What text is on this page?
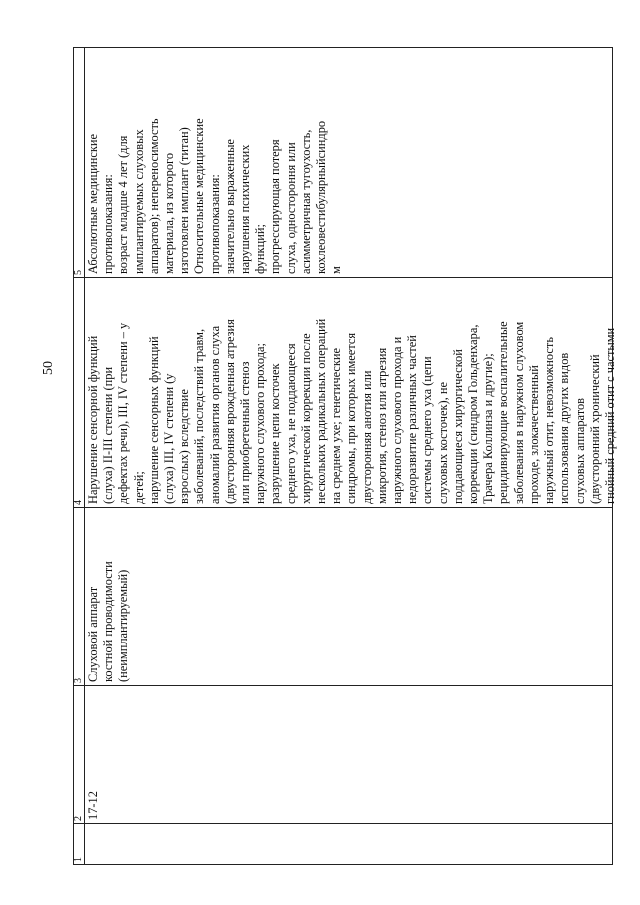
50
1
2
3
4
5
17-12
Слуховой аппарат костной проводимости (неимплантируемый)
Нарушение сенсорной функций (слуха) II-III степени (при дефектах речи), III, IV степени – у детей; нарушение сенсорных функций (слуха) III, IV степени (у взрослых) вследствие заболеваний, последствий травм, аномалий развития органов слуха (двусторонняя врожденная атрезия или приобретенный стеноз наружного слухового прохода; разрушение цепи косточек среднего уха, не поддающееся хирургической коррекции после нескольких радикальных операций на среднем ухе; генетические синдромы, при которых имеется двусторонняя анотия или микротия, стеноз или атрезия наружного слухового прохода и недоразвитие различных частей системы среднего уха (цепи слуховых косточек), не поддающиеся хирургической коррекции (синдром Гольденхара, Трачера Коллинза и другие); рецидивирующие воспалительные заболевания в наружном слуховом проходе, злокачественный наружный отит, невозможность использования других видов слуховых аппаратов (двусторонний хронический гнойный средний отит с частыми
Абсолютные медицинские противопоказания: возраст младше 4 лет (для имплантируемых слуховых аппаратов); непереносимость материала, из которого изготовлен имплант (титан) Относительные медицинские противопоказания: значительно выраженные нарушения психических функций; прогрессирующая потеря слуха, одностороння или асимметричная тугоухость, кохлеовестибулярныйсиндро м
